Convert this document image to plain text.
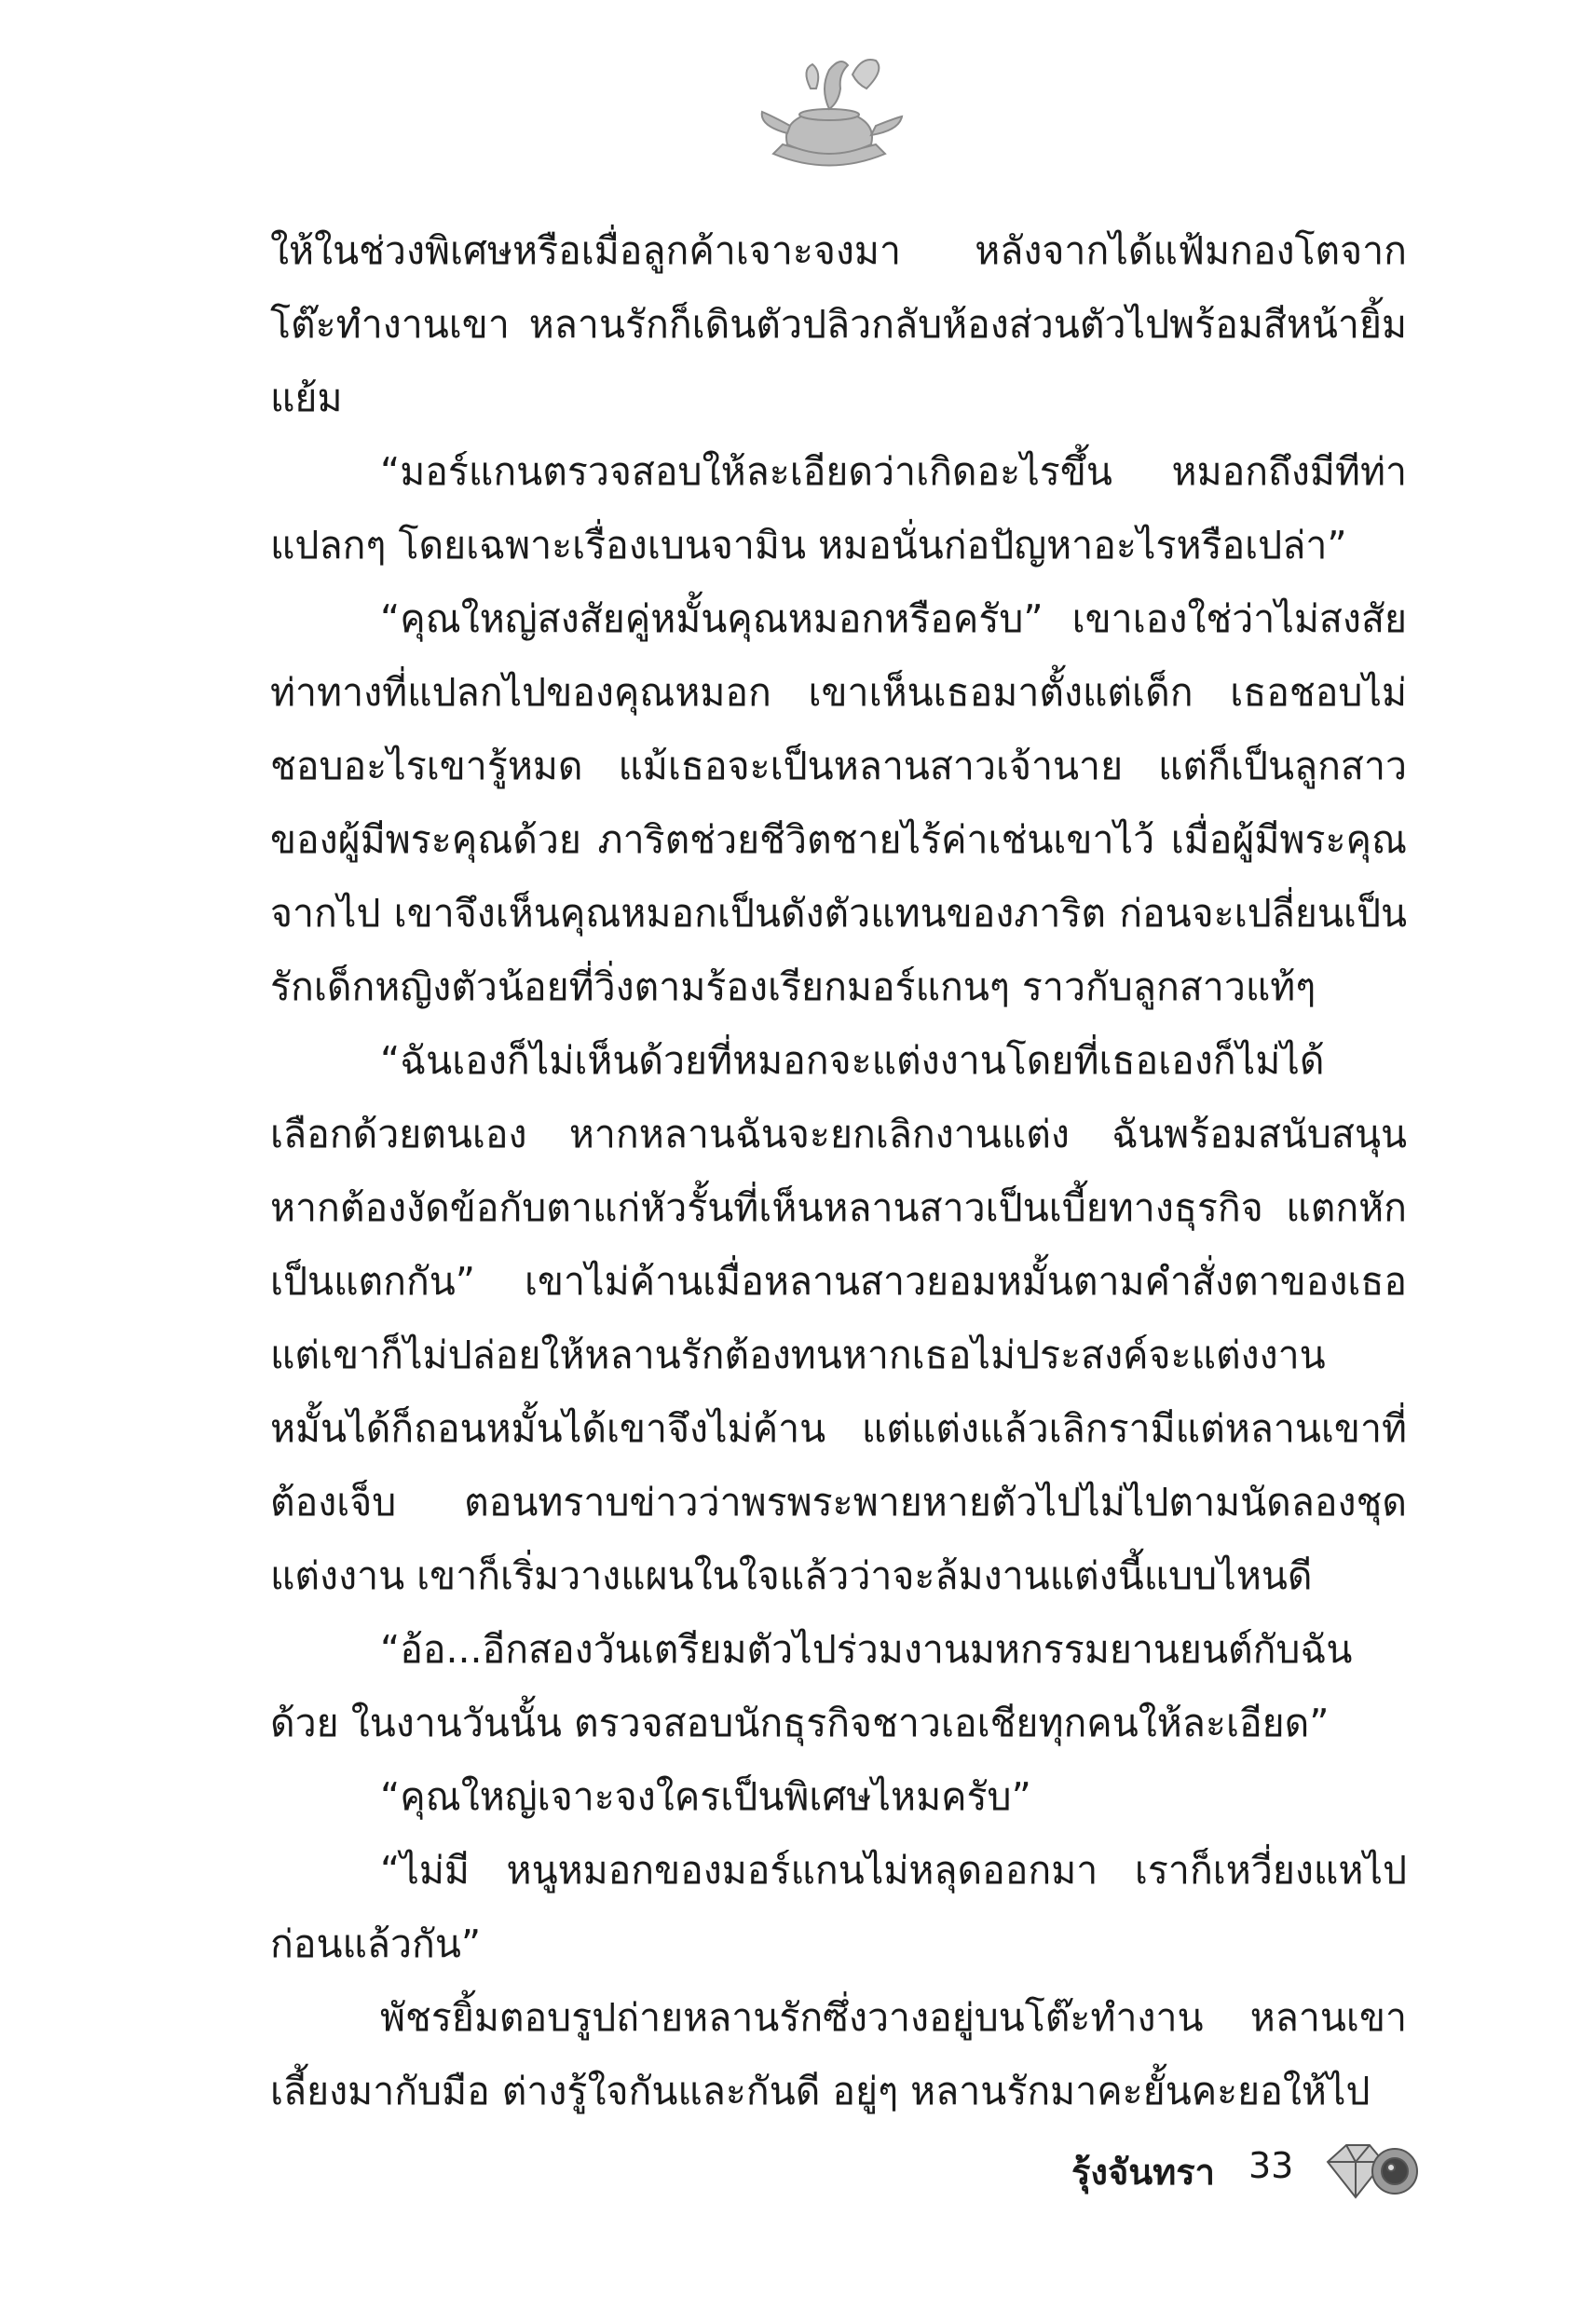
ให้ในช่วงพิเศษหรือเมื่อลูกค้าเจาะจงมา หลังจากได้แฟ้มกองโตจากโต๊ะทำงานเขา หลานรักก็เดินตัวปลิวกลับห้องส่วนตัวไปพร้อมสีหน้ายิ้มแย้ม

“มอร์แกนตรวจสอบให้ละเอียดว่าเกิดอะไรขึ้น หมอกถึงมีทีท่าแปลกๆ โดยเฉพาะเรื่องเบนจามิน หมอนั่นก่อปัญหาอะไรหรือเปล่า”

“คุณใหญ่สงสัยคู่หมั้นคุณหมอกหรือครับ” เขาเองใช่ว่าไม่สงสัยท่าทางที่แปลกไปของคุณหมอก เขาเห็นเธอมาตั้งแต่เด็ก เธอชอบไม่ชอบอะไรเขารู้หมด แม้เธอจะเป็นหลานสาวเจ้านาย แต่ก็เป็นลูกสาวของผู้มีพระคุณด้วย ภาริตช่วยชีวิตชายไร้ค่าเช่นเขาไว้ เมื่อผู้มีพระคุณจากไป เขาจึงเห็นคุณหมอกเป็นดังตัวแทนของภาริต ก่อนจะเปลี่ยนเป็นรักเด็กหญิงตัวน้อยที่วิ่งตามร้องเรียกมอร์แกนๆ ราวกับลูกสาวแท้ๆ

“ฉันเองก็ไม่เห็นด้วยที่หมอกจะแต่งงานโดยที่เธอเองก็ไม่ได้เลือกด้วยตนเอง หากหลานฉันจะยกเลิกงานแต่ง ฉันพร้อมสนับสนุน หากต้องงัดข้อกับตาแก่หัวรั้นที่เห็นหลานสาวเป็นเบี้ยทางธุรกิจ แตกหักเป็นแตกกัน” เขาไม่ค้านเมื่อหลานสาวยอมหมั้นตามคำสั่งตาของเธอ แต่เขาก็ไม่ปล่อยให้หลานรักต้องทนหากเธอไม่ประสงค์จะแต่งงาน หมั้นได้ก็ถอนหมั้นได้เขาจึงไม่ค้าน แต่แต่งแล้วเลิกรามีแต่หลานเขาที่ต้องเจ็บ ตอนทราบข่าวว่าพรพระพายหายตัวไปไม่ไปตามนัดลองชุดแต่งงาน เขาก็เริ่มวางแผนในใจแล้วว่าจะล้มงานแต่งนี้แบบไหนดี

“อ้อ...อีกสองวันเตรียมตัวไปร่วมงานมหกรรมยานยนต์กับฉันด้วย ในงานวันนั้น ตรวจสอบนักธุรกิจชาวเอเชียทุกคนให้ละเอียด”

“คุณใหญ่เจาะจงใครเป็นพิเศษไหมครับ”

“ไม่มี หนูหมอกของมอร์แกนไม่หลุดออกมา เราก็เหวี่ยงแหไปก่อนแล้วกัน”

พัชรยิ้มตอบรูปถ่ายหลานรักซึ่งวางอยู่บนโต๊ะทำงาน หลานเขาเลี้ยงมากับมือ ต่างรู้ใจกันและกันดี อยู่ๆ หลานรักมาคะยั้นคะยอให้ไป

รุ้งจันทรา 33
